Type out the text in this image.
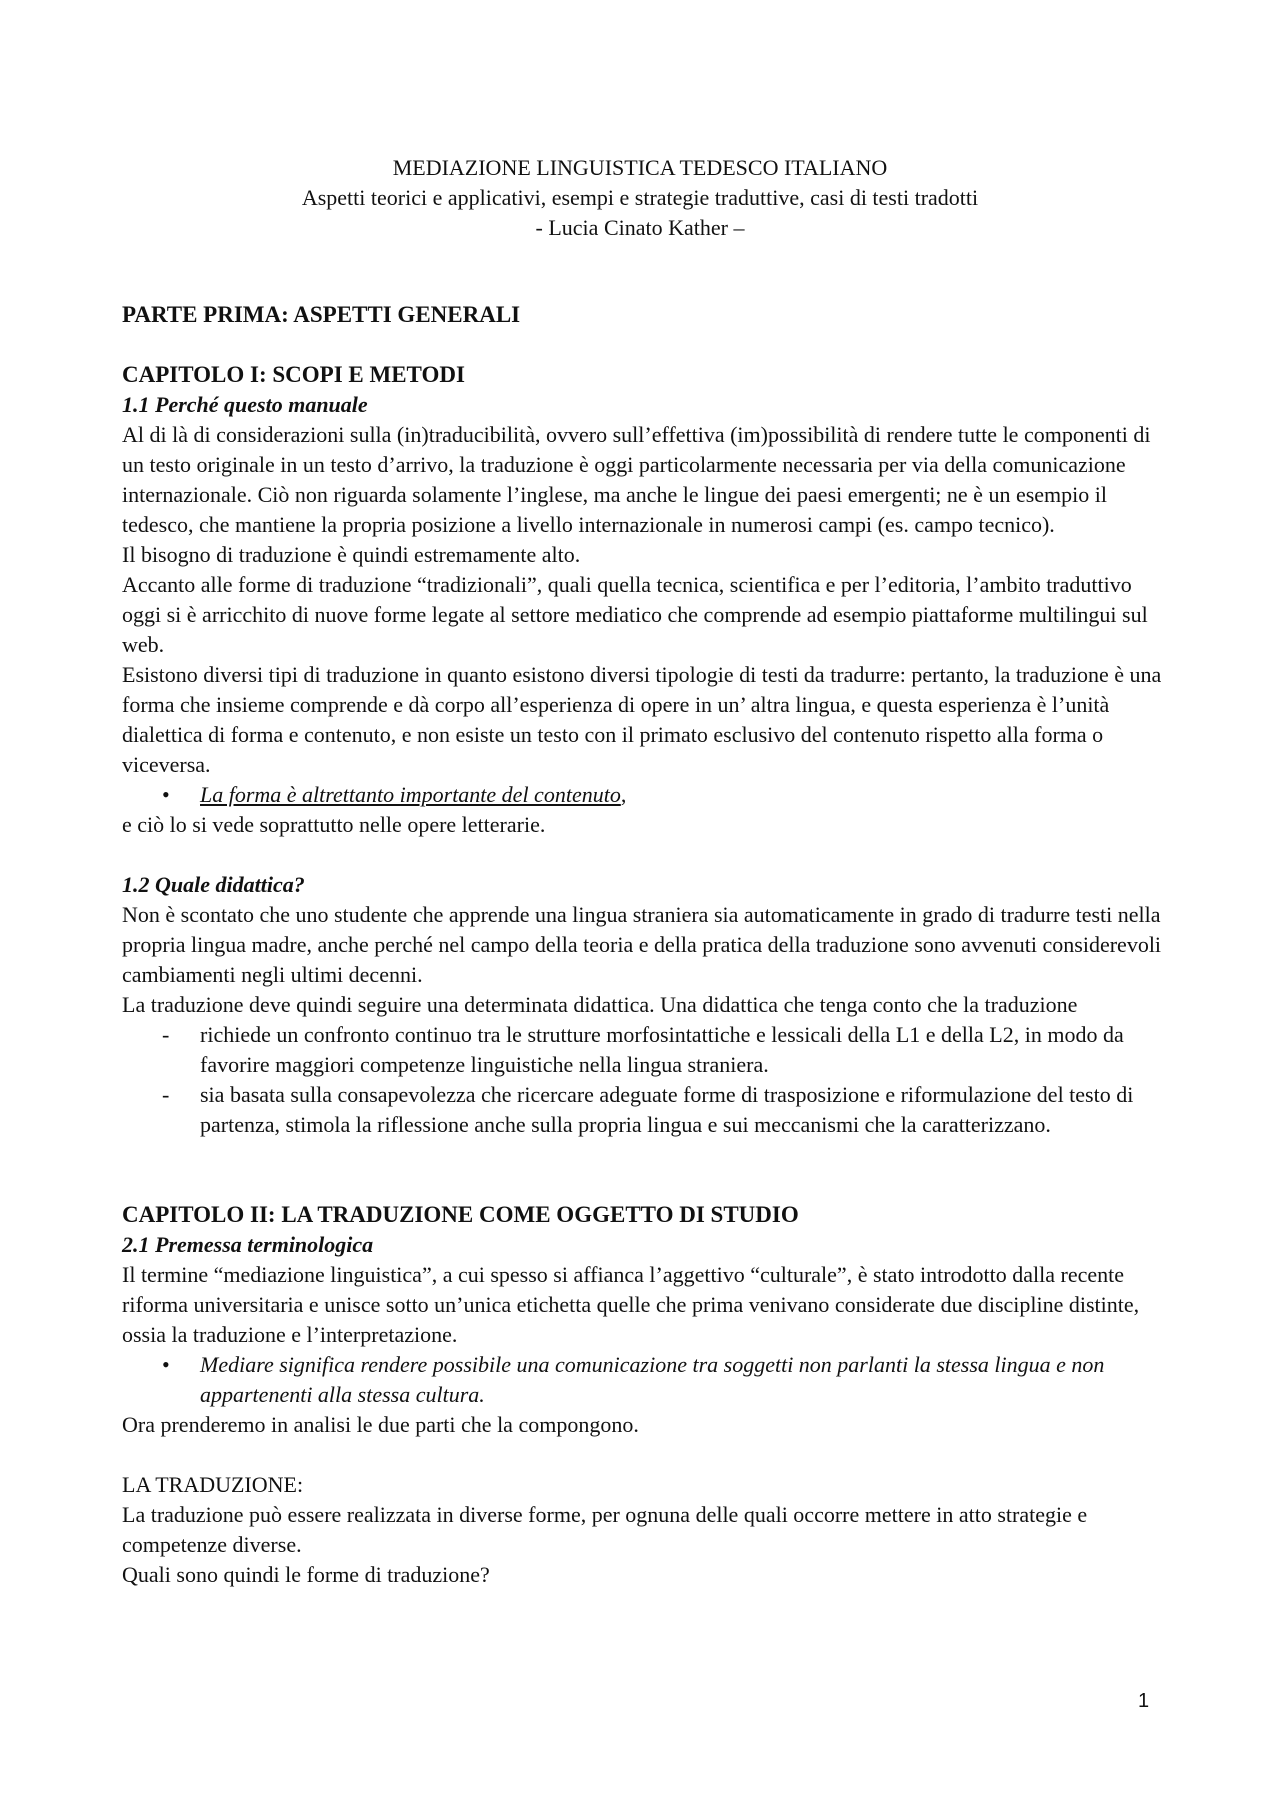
MEDIAZIONE LINGUISTICA TEDESCO ITALIANO
Aspetti teorici e applicativi, esempi e strategie traduttive, casi di testi tradotti
- Lucia Cinato Kather –
PARTE PRIMA: ASPETTI GENERALI
CAPITOLO I: SCOPI E METODI
1.1 Perché questo manuale

Al di là di considerazioni sulla (in)traducibilità, ovvero sull’effettiva (im)possibilità di rendere tutte le componenti di un testo originale in un testo d’arrivo, la traduzione è oggi particolarmente necessaria per via della comunicazione internazionale. Ciò non riguarda solamente l’inglese, ma anche le lingue dei paesi emergenti; ne è un esempio il tedesco, che mantiene la propria posizione a livello internazionale in numerosi campi (es. campo tecnico).

Il bisogno di traduzione è quindi estremamente alto.

Accanto alle forme di traduzione “tradizionali”, quali quella tecnica, scientifica e per l’editoria, l’ambito traduttivo oggi si è arricchito di nuove forme legate al settore mediatico che comprende ad esempio piattaforme multilingui sul web.

Esistono diversi tipi di traduzione in quanto esistono diversi tipologie di testi da tradurre: pertanto, la traduzione è una forma che insieme comprende e dà corpo all’esperienza di opere in un’ altra lingua, e questa esperienza è l’unità dialettica di forma e contenuto, e non esiste un testo con il primato esclusivo del contenuto rispetto alla forma o viceversa.

• La forma è altrettanto importante del contenuto,

e ciò lo si vede soprattutto nelle opere letterarie.

1.2 Quale didattica?

Non è scontato che uno studente che apprende una lingua straniera sia automaticamente in grado di tradurre testi nella propria lingua madre, anche perché nel campo della teoria e della pratica della traduzione sono avvenuti considerevoli cambiamenti negli ultimi decenni.

La traduzione deve quindi seguire una determinata didattica. Una didattica che tenga conto che la traduzione

- richiede un confronto continuo tra le strutture morfosintattiche e lessicali della L1 e della L2, in modo da favorire maggiori competenze linguistiche nella lingua straniera.
- sia basata sulla consapevolezza che ricercare adeguate forme di trasposizione e riformulazione del testo di partenza, stimola la riflessione anche sulla propria lingua e sui meccanismi che la caratterizzano.
CAPITOLO II: LA TRADUZIONE COME OGGETTO DI STUDIO
2.1 Premessa terminologica

Il termine “mediazione linguistica”, a cui spesso si affianca l’aggettivo “culturale”, è stato introdotto dalla recente riforma universitaria e unisce sotto un’unica etichetta quelle che prima venivano considerate due discipline distinte, ossia la traduzione e l’interpretazione.

• Mediare significa rendere possibile una comunicazione tra soggetti non parlanti la stessa lingua e non appartenenti alla stessa cultura.

Ora prenderemo in analisi le due parti che la compongono.

LA TRADUZIONE:

La traduzione può essere realizzata in diverse forme, per ognuna delle quali occorre mettere in atto strategie e competenze diverse.

Quali sono quindi le forme di traduzione?

1
